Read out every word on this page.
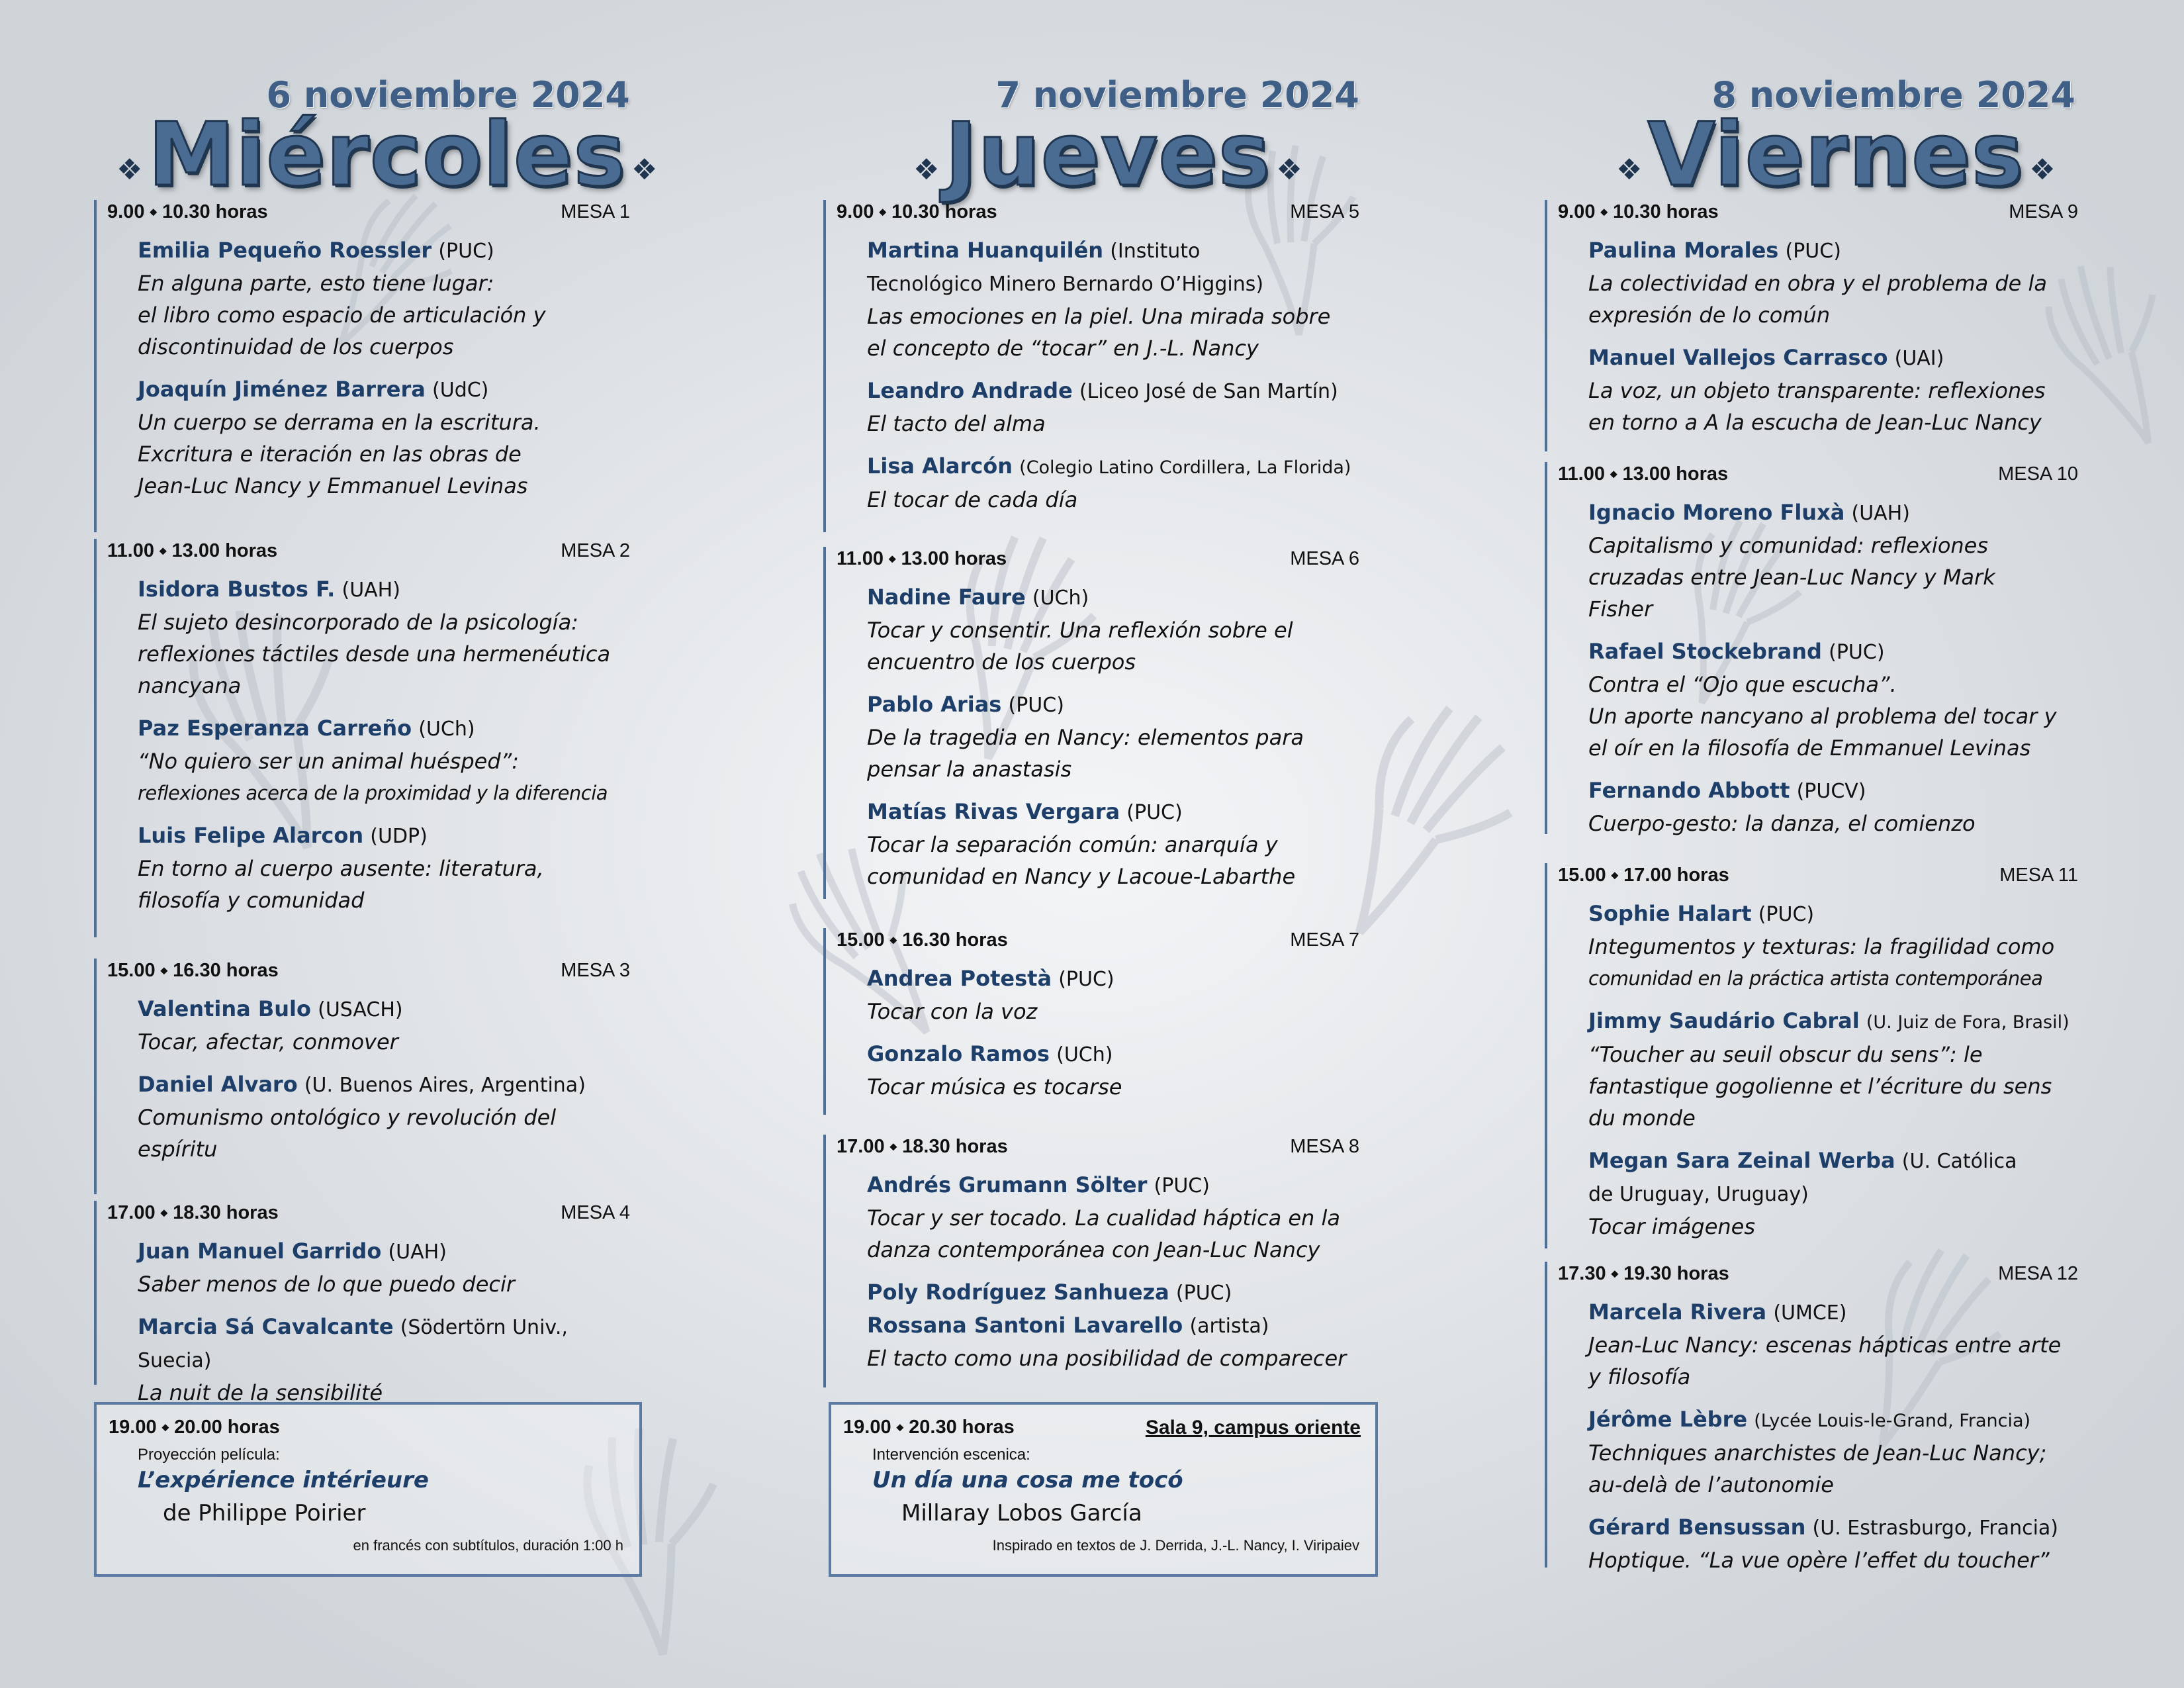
6 noviembre 2024
❖ Miércoles ❖
9.00 ⬩ 10.30 horas	MESA 1
Emilia Pequeño Roessler (PUC)
En alguna parte, esto tiene lugar:
el libro como espacio de articulación y
discontinuidad de los cuerpos
Joaquín Jiménez Barrera (UdC)
Un cuerpo se derrama en la escritura.
Excritura e iteración en las obras de
Jean-Luc Nancy y Emmanuel Levinas
11.00 ⬩ 13.00 horas	MESA 2
Isidora Bustos F. (UAH)
El sujeto desincorporado de la psicología:
reflexiones táctiles desde una hermenéutica
nancyana
Paz Esperanza Carreño (UCh)
“No quiero ser un animal huésped”:
reflexiones acerca de la proximidad y la diferencia
Luis Felipe Alarcon (UDP)
En torno al cuerpo ausente: literatura,
filosofía y comunidad
15.00 ⬩ 16.30 horas	MESA 3
Valentina Bulo (USACH)
Tocar, afectar, conmover
Daniel Alvaro (U. Buenos Aires, Argentina)
Comunismo ontológico y revolución del
espíritu
17.00 ⬩ 18.30 horas	MESA 4
Juan Manuel Garrido (UAH)
Saber menos de lo que puedo decir
Marcia Sá Cavalcante (Södertörn Univ., Suecia)
La nuit de la sensibilité
19.00 ⬩ 20.00 horas
Proyección película:
L’expérience intérieure
de Philippe Poirier
en francés con subtítulos, duración 1:00 h
7 noviembre 2024
❖ Jueves ❖
9.00 ⬩ 10.30 horas	MESA 5
Martina Huanquilén (Instituto Tecnológico Minero Bernardo O’Higgins)
Las emociones en la piel. Una mirada sobre
el concepto de “tocar” en J.-L. Nancy
Leandro Andrade (Liceo José de San Martín)
El tacto del alma
Lisa Alarcón (Colegio Latino Cordillera, La Florida)
El tocar de cada día
11.00 ⬩ 13.00 horas	MESA 6
Nadine Faure (UCh)
Tocar y consentir. Una reflexión sobre el
encuentro de los cuerpos
Pablo Arias (PUC)
De la tragedia en Nancy: elementos para
pensar la anastasis
Matías Rivas Vergara (PUC)
Tocar la separación común: anarquía y
comunidad en Nancy y Lacoue-Labarthe
15.00 ⬩ 16.30 horas	MESA 7
Andrea Potestà (PUC)
Tocar con la voz
Gonzalo Ramos (UCh)
Tocar música es tocarse
17.00 ⬩ 18.30 horas	MESA 8
Andrés Grumann Sölter (PUC)
Tocar y ser tocado. La cualidad háptica en la
danza contemporánea con Jean-Luc Nancy
Poly Rodríguez Sanhueza (PUC)
Rossana Santoni Lavarello (artista)
El tacto como una posibilidad de comparecer
19.00 ⬩ 20.30 horas	Sala 9, campus oriente
Intervención escenica:
Un día una cosa me tocó
Millaray Lobos García
Inspirado en textos de J. Derrida, J.-L. Nancy, I. Viripaiev
8 noviembre 2024
❖ Viernes ❖
9.00 ⬩ 10.30 horas	MESA 9
Paulina Morales (PUC)
La colectividad en obra y el problema de la
expresión de lo común
Manuel Vallejos Carrasco (UAI)
La voz, un objeto transparente: reflexiones
en torno a A la escucha de Jean-Luc Nancy
11.00 ⬩ 13.00 horas	MESA 10
Ignacio Moreno Fluxà (UAH)
Capitalismo y comunidad: reflexiones
cruzadas entre Jean-Luc Nancy y Mark
Fisher
Rafael Stockebrand (PUC)
Contra el “Ojo que escucha”.
Un aporte nancyano al problema del tocar y
el oír en la filosofía de Emmanuel Levinas
Fernando Abbott (PUCV)
Cuerpo-gesto: la danza, el comienzo
15.00 ⬩ 17.00 horas	MESA 11
Sophie Halart (PUC)
Integumentos y texturas: la fragilidad como
comunidad en la práctica artista contemporánea
Jimmy Saudário Cabral (U. Juiz de Fora, Brasil)
“Toucher au seuil obscur du sens”: le
fantastique gogolienne et l’écriture du sens
du monde
Megan Sara Zeinal Werba (U. Católica de Uruguay, Uruguay)
Tocar imágenes
17.30 ⬩ 19.30 horas	MESA 12
Marcela Rivera (UMCE)
Jean-Luc Nancy: escenas hápticas entre arte
y filosofía
Jérôme Lèbre (Lycée Louis-le-Grand, Francia)
Techniques anarchistes de Jean-Luc Nancy;
au-delà de l’autonomie
Gérard Bensussan (U. Estrasburgo, Francia)
Hoptique. “La vue opère l’effet du toucher”
